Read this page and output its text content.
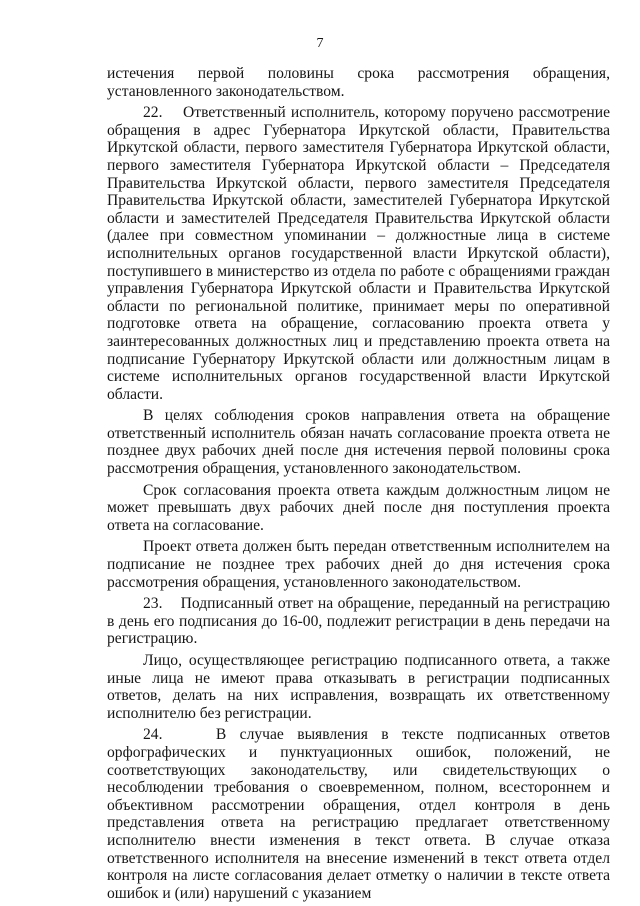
7

истечения первой половины срока рассмотрения обращения, установленного законодательством.

22.    Ответственный исполнитель, которому поручено рассмотрение обращения в адрес Губернатора Иркутской области, Правительства Иркутской области, первого заместителя Губернатора Иркутской области, первого заместителя Губернатора Иркутской области – Председателя Правительства Иркутской области, первого заместителя Председателя Правительства Иркутской области, заместителей Губернатора Иркутской области и заместителей Председателя Правительства Иркутской области (далее при совместном упоминании – должностные лица в системе исполнительных органов государственной власти Иркутской области), поступившего в министерство из отдела по работе с обращениями граждан управления Губернатора Иркутской области и Правительства Иркутской области по региональной политике, принимает меры по оперативной подготовке ответа на обращение, согласованию проекта ответа у заинтересованных должностных лиц и представлению проекта ответа на подписание Губернатору Иркутской области или должностным лицам в системе исполнительных органов государственной власти Иркутской области.

В целях соблюдения сроков направления ответа на обращение ответственный исполнитель обязан начать согласование проекта ответа не позднее двух рабочих дней после дня истечения первой половины срока рассмотрения обращения, установленного законодательством.

Срок согласования проекта ответа каждым должностным лицом не может превышать двух рабочих дней после дня поступления проекта ответа на согласование.

Проект ответа должен быть передан ответственным исполнителем на подписание не позднее трех рабочих дней до дня истечения срока рассмотрения обращения, установленного законодательством.

23.    Подписанный ответ на обращение, переданный на регистрацию в день его подписания до 16-00, подлежит регистрации в день передачи на регистрацию.

Лицо, осуществляющее регистрацию подписанного ответа, а также иные лица не имеют права отказывать в регистрации подписанных ответов, делать на них исправления, возвращать их ответственному исполнителю без регистрации.

24.    В случае выявления в тексте подписанных ответов орфографических и пунктуационных ошибок, положений, не соответствующих законодательству, или свидетельствующих о несоблюдении требования о своевременном, полном, всестороннем и объективном рассмотрении обращения, отдел контроля в день представления ответа на регистрацию предлагает ответственному исполнителю внести изменения в текст ответа. В случае отказа ответственного исполнителя на внесение изменений в текст ответа отдел контроля на листе согласования делает отметку о наличии в тексте ответа ошибок и (или) нарушений с указанием
